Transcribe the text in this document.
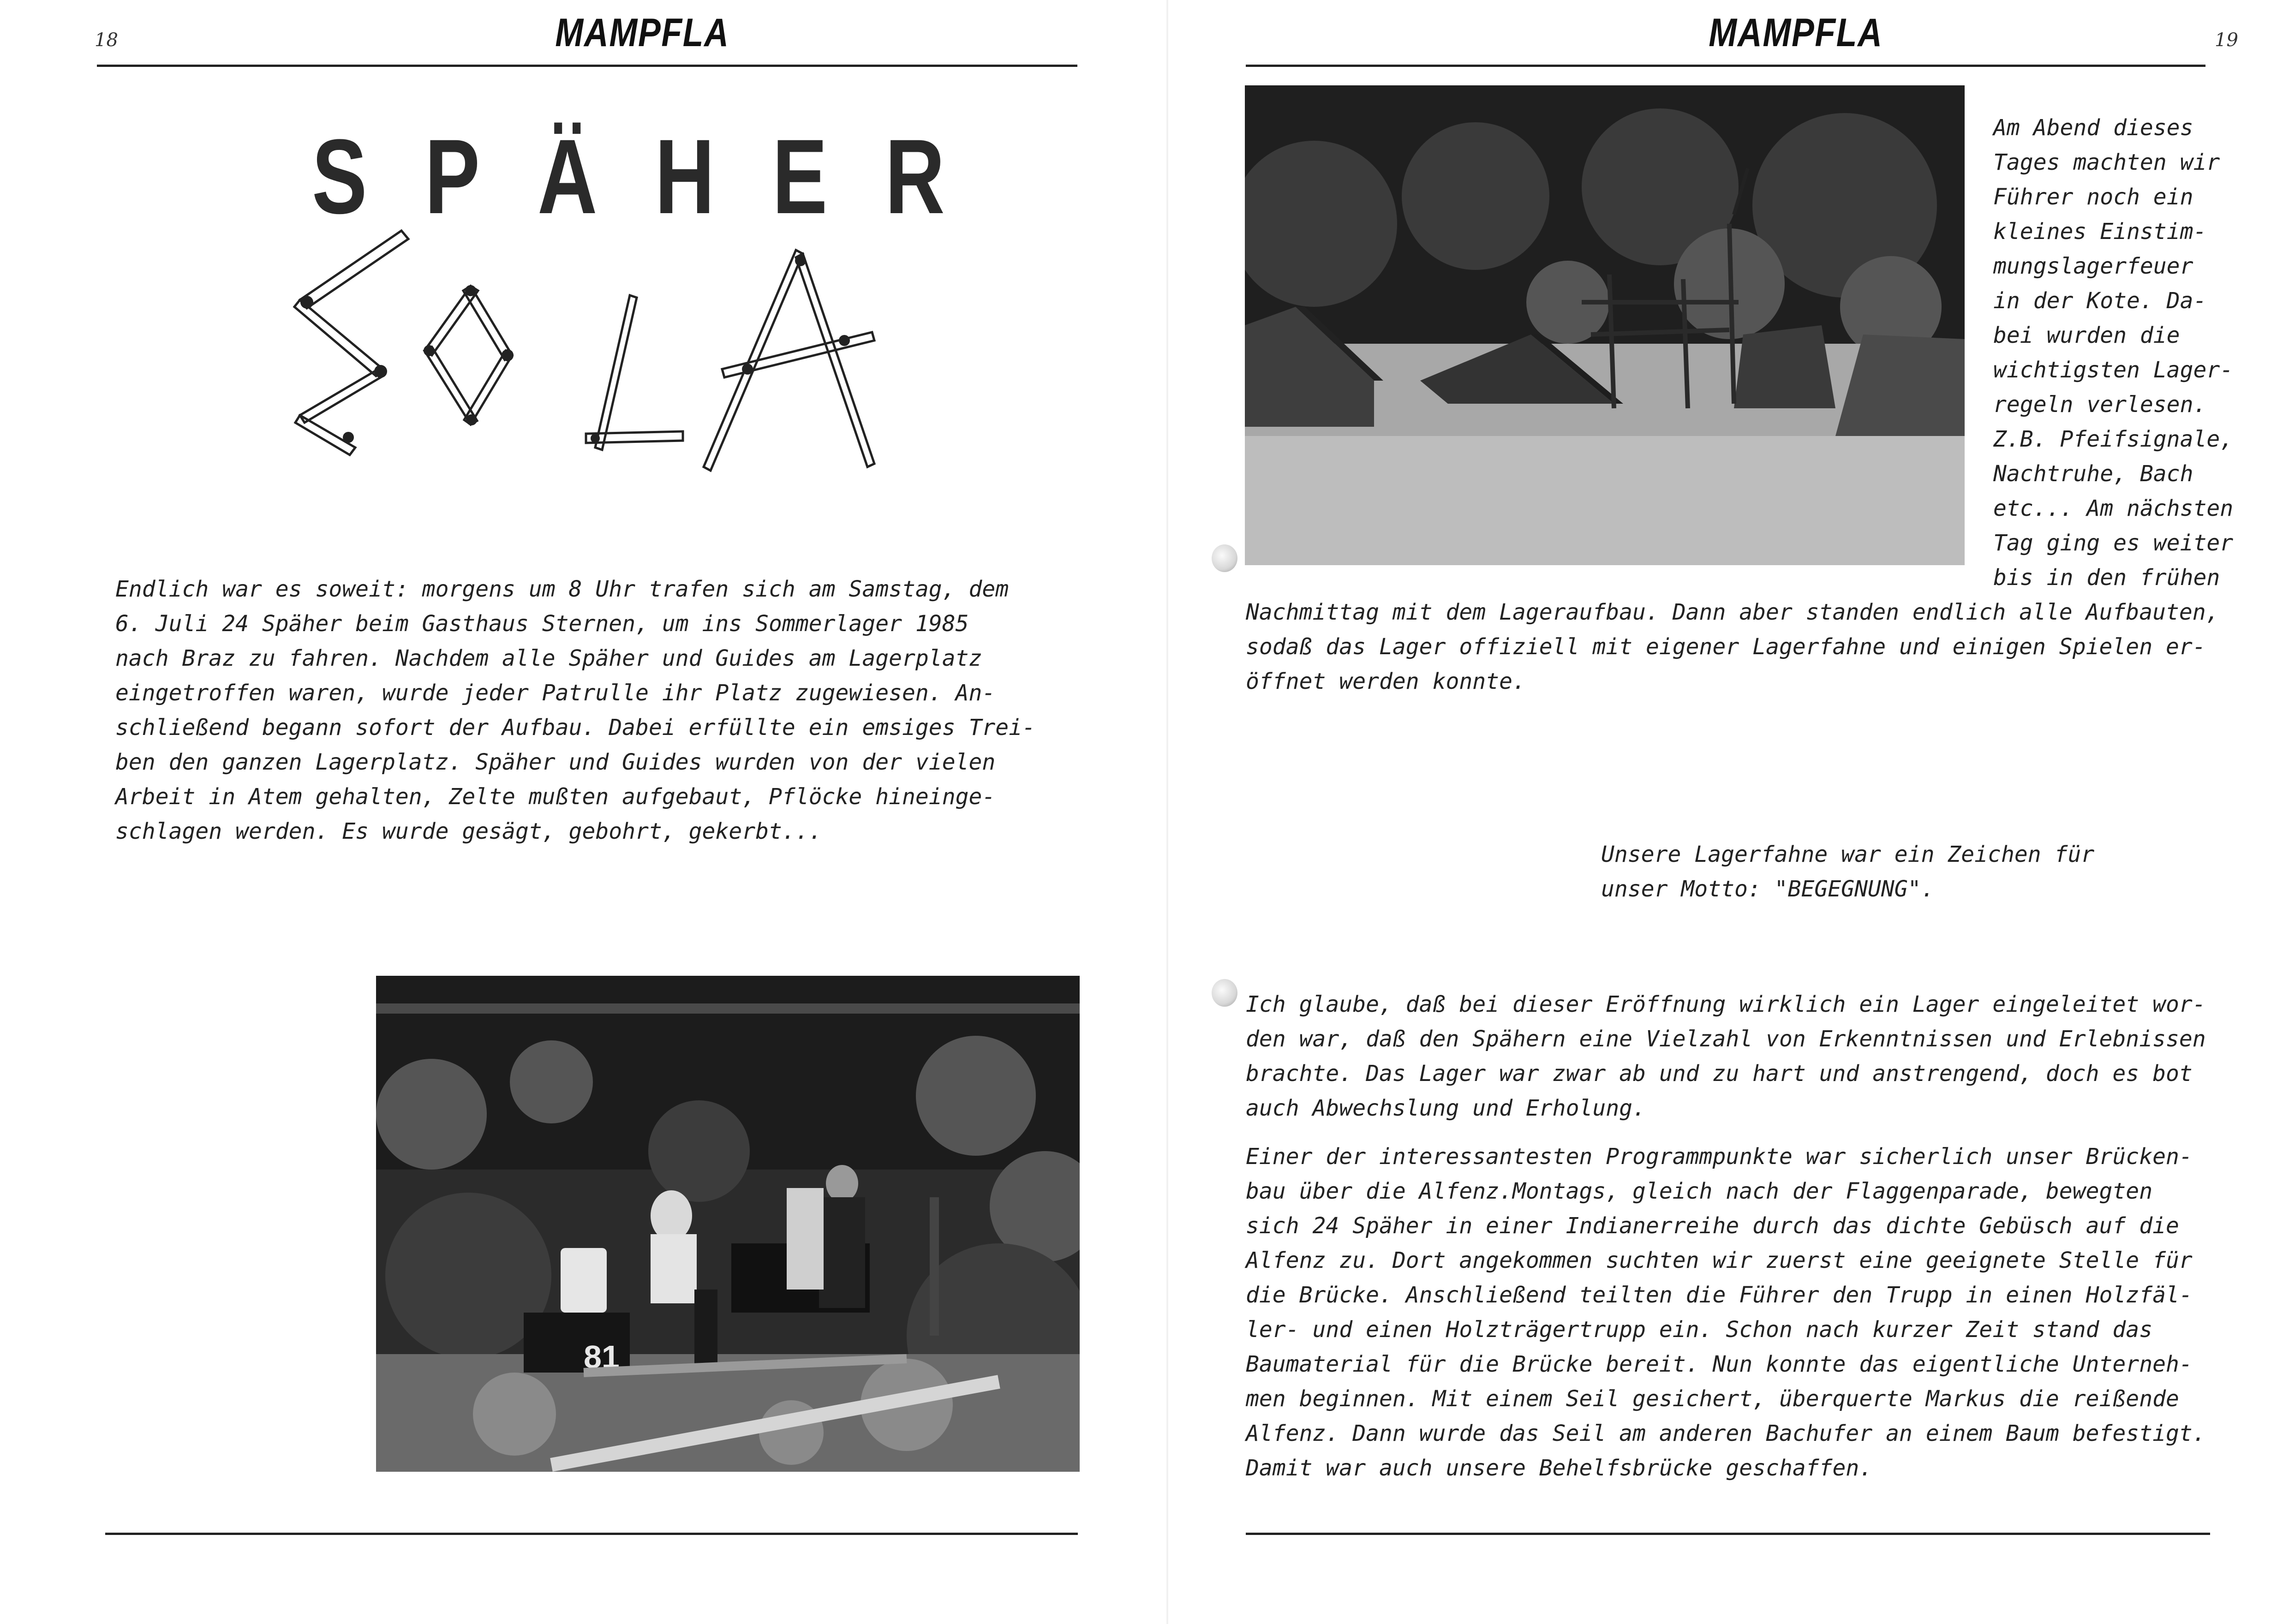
18	MAMPFLA
S P Ä H E R
Endlich war es soweit: morgens um 8 Uhr trafen sich am Samstag, dem
6. Juli 24 Späher beim Gasthaus Sternen, um ins Sommerlager 1985
nach Braz zu fahren. Nachdem alle Späher und Guides am Lagerplatz
eingetroffen waren, wurde jeder Patrulle ihr Platz zugewiesen. An-
schließend begann sofort der Aufbau. Dabei erfüllte ein emsiges Trei-
ben den ganzen Lagerplatz. Späher und Guides wurden von der vielen
Arbeit in Atem gehalten, Zelte mußten aufgebaut, Pflöcke hineinge-
schlagen werden. Es wurde gesägt, gebohrt, gekerbt...
81
MAMPFLA	19
Am Abend dieses
Tages machten wir
Führer noch ein
kleines Einstim-
mungslagerfeuer
in der Kote. Da-
bei wurden die
wichtigsten Lager-
regeln verlesen.
Z.B. Pfeifsignale,
Nachtruhe, Bach
etc... Am nächsten
Tag ging es weiter
bis in den frühen
Nachmittag mit dem Lageraufbau. Dann aber standen endlich alle Aufbauten,
sodaß das Lager offiziell mit eigener Lagerfahne und einigen Spielen er-
öffnet werden konnte.
Unsere Lagerfahne war ein Zeichen für
unser Motto: "BEGEGNUNG".
Ich glaube, daß bei dieser Eröffnung wirklich ein Lager eingeleitet wor-
den war, daß den Spähern eine Vielzahl von Erkenntnissen und Erlebnissen
brachte. Das Lager war zwar ab und zu hart und anstrengend, doch es bot
auch Abwechslung und Erholung.
Einer der interessantesten Programmpunkte war sicherlich unser Brücken-
bau über die Alfenz.Montags, gleich nach der Flaggenparade, bewegten
sich 24 Späher in einer Indianerreihe durch das dichte Gebüsch auf die
Alfenz zu. Dort angekommen suchten wir zuerst eine geeignete Stelle für
die Brücke. Anschließend teilten die Führer den Trupp in einen Holzfäl-
ler- und einen Holzträgertrupp ein. Schon nach kurzer Zeit stand das
Baumaterial für die Brücke bereit. Nun konnte das eigentliche Unterneh-
men beginnen. Mit einem Seil gesichert, überquerte Markus die reißende
Alfenz. Dann wurde das Seil am anderen Bachufer an einem Baum befestigt.
Damit war auch unsere Behelfsbrücke geschaffen.
